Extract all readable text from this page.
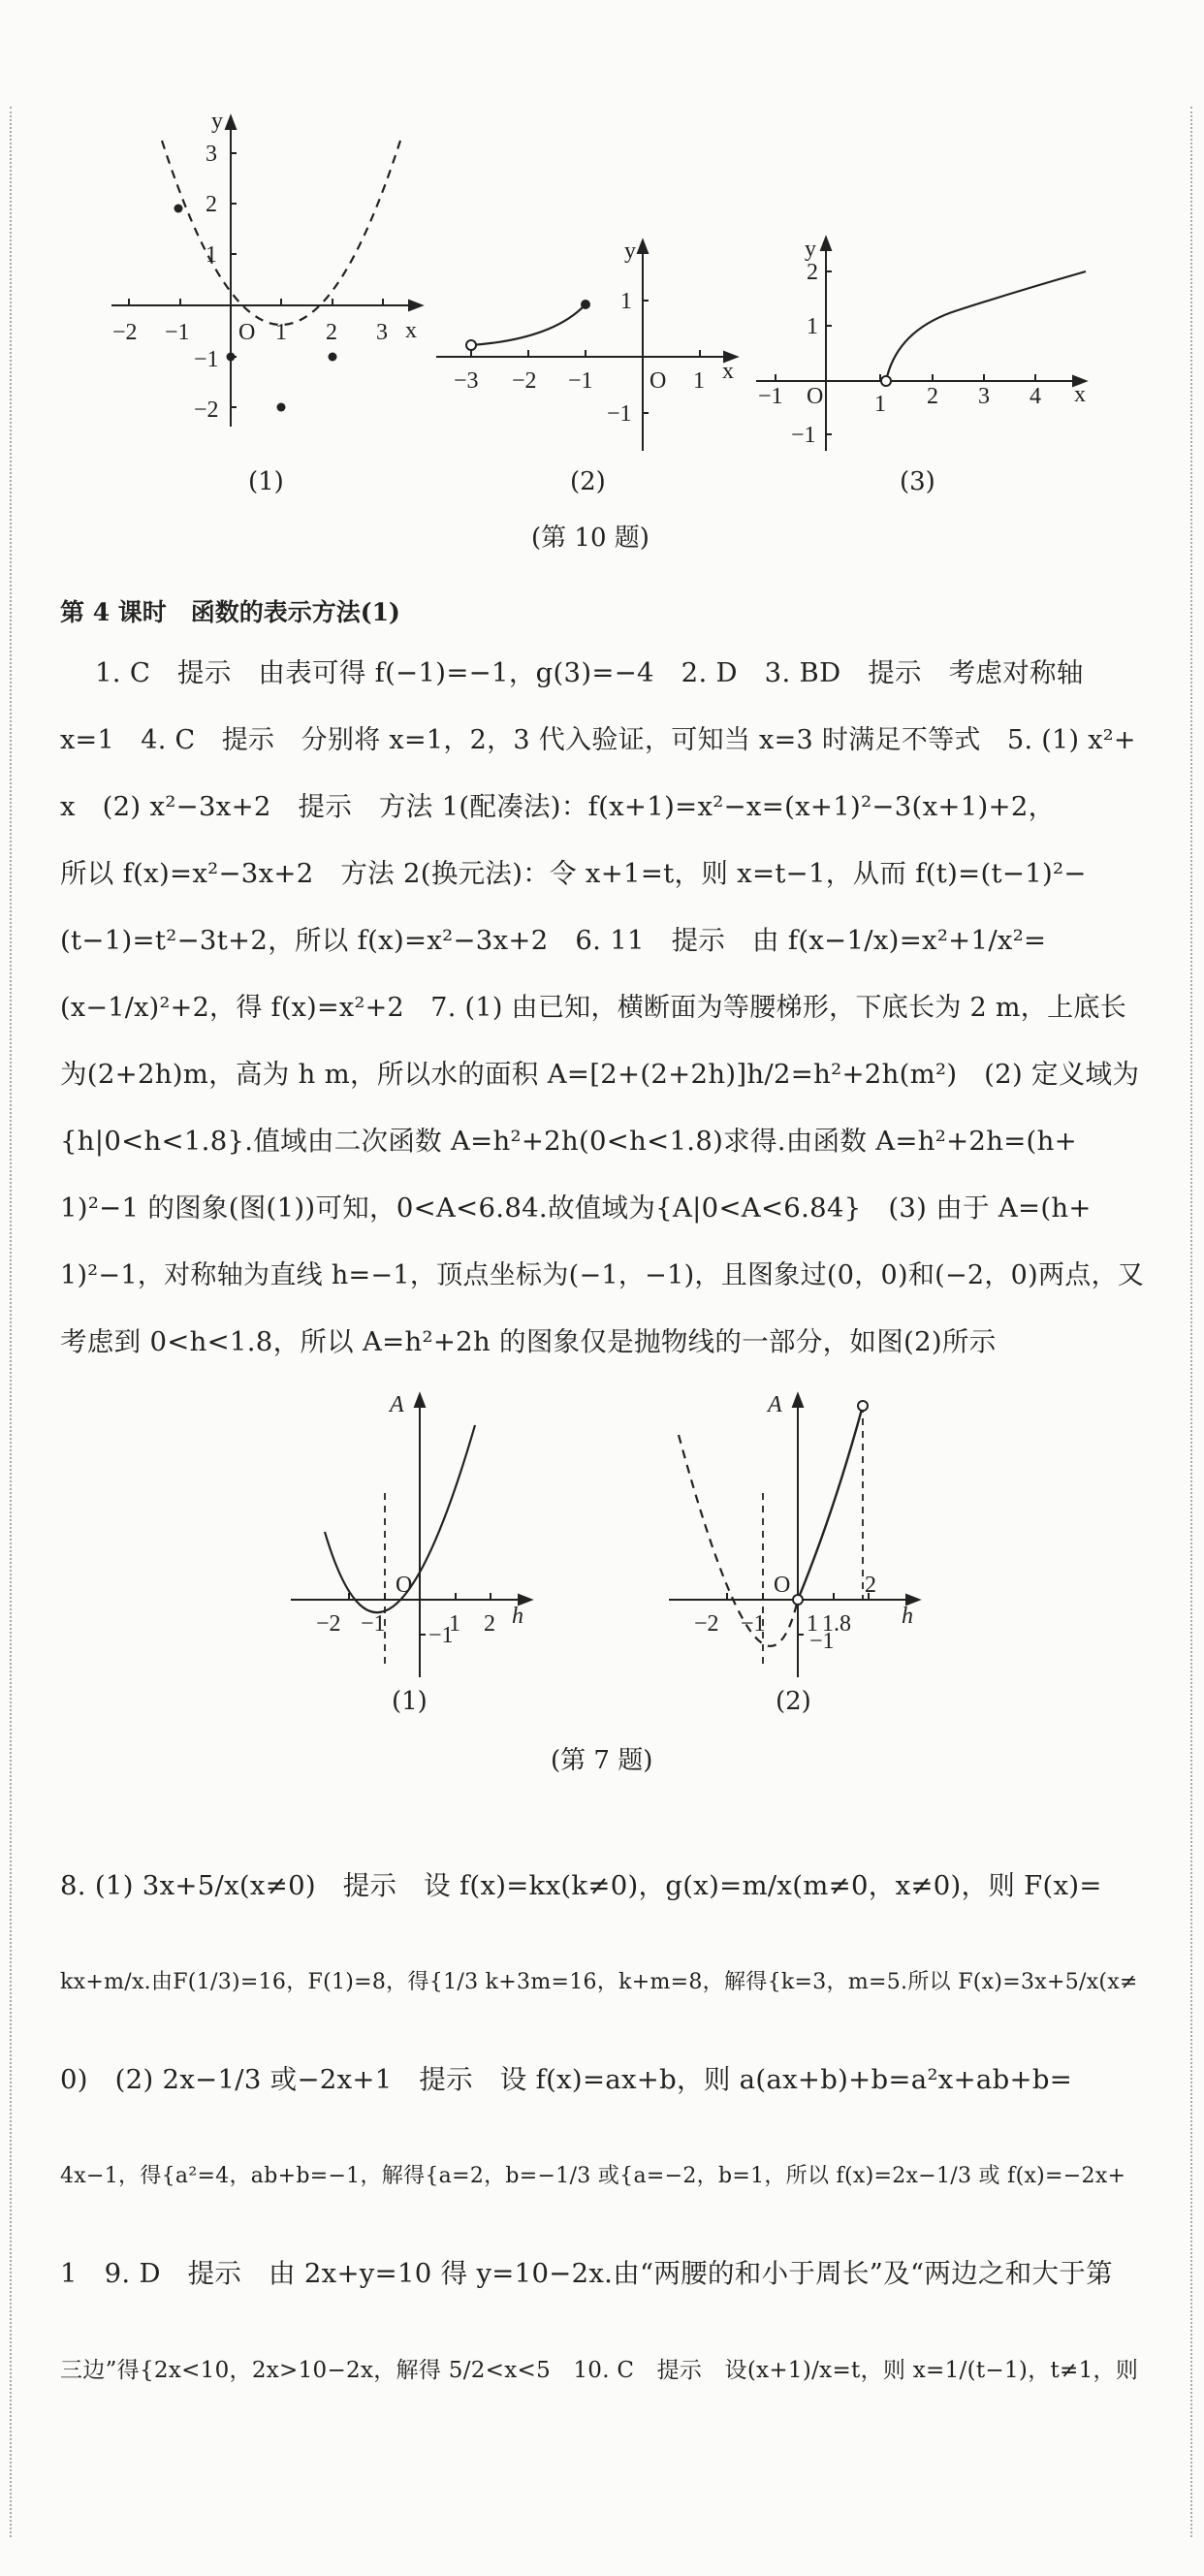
y
x
O
3
2
1
−1
−2
−2 −1	1 2 3
(1)
y
x
O
1
−1
−3 −2 −1	1
(2)
y
x
O
2
1
−1
−1	1 2 3 4
(3)
(第 10 题)
第 4 课时　函数的表示方法(1)

1. C　提示　由表可得 f(−1)=−1，g(3)=−4　2. D　3. BD　提示　考虑对称轴

x=1　4. C　提示　分别将 x=1，2，3 代入验证，可知当 x=3 时满足不等式　5. (1) x²+

x　(2) x²−3x+2　提示　方法 1(配凑法)：f(x+1)=x²−x=(x+1)²−3(x+1)+2，

所以 f(x)=x²−3x+2　方法 2(换元法)：令 x+1=t，则 x=t−1，从而 f(t)=(t−1)²−

(t−1)=t²−3t+2，所以 f(x)=x²−3x+2　6. 11　提示　由 f(x−1/x)=x²+1/x²=

(x−1/x)²+2，得 f(x)=x²+2　7. (1) 由已知，横断面为等腰梯形，下底长为 2 m，上底长

为(2+2h)m，高为 h m，所以水的面积 A=[2+(2+2h)]h/2=h²+2h(m²)　(2) 定义域为

{h|0<h<1.8}.值域由二次函数 A=h²+2h(0<h<1.8)求得.由函数 A=h²+2h=(h+

1)²−1 的图象(图(1))可知，0<A<6.84.故值域为{A|0<A<6.84}　(3) 由于 A=(h+

1)²−1，对称轴为直线 h=−1，顶点坐标为(−1，−1)，且图象过(0，0)和(−2，0)两点，又

考虑到 0<h<1.8，所以 A=h²+2h 的图象仅是抛物线的一部分，如图(2)所示

A
h
O
−2 −1	1 2
−1
(1)
A
h
O
−2 −1 1 1.8
2
−1
(2)
(第 7 题)

8. (1) 3x+5/x(x≠0)　提示　设 f(x)=kx(k≠0)，g(x)=m/x(m≠0，x≠0)，则 F(x)=

kx+m/x.由F(1/3)=16，F(1)=8，得{1/3 k+3m=16，k+m=8，解得{k=3，m=5.所以 F(x)=3x+5/x(x≠

0)　(2) 2x−1/3 或−2x+1　提示　设 f(x)=ax+b，则 a(ax+b)+b=a²x+ab+b=

4x−1，得{a²=4，ab+b=−1，解得{a=2，b=−1/3 或{a=−2，b=1，所以 f(x)=2x−1/3 或 f(x)=−2x+

1　9. D　提示　由 2x+y=10 得 y=10−2x.由“两腰的和小于周长”及“两边之和大于第

三边”得{2x<10，2x>10−2x，解得 5/2<x<5　10. C　提示　设(x+1)/x=t，则 x=1/(t−1)，t≠1，则
